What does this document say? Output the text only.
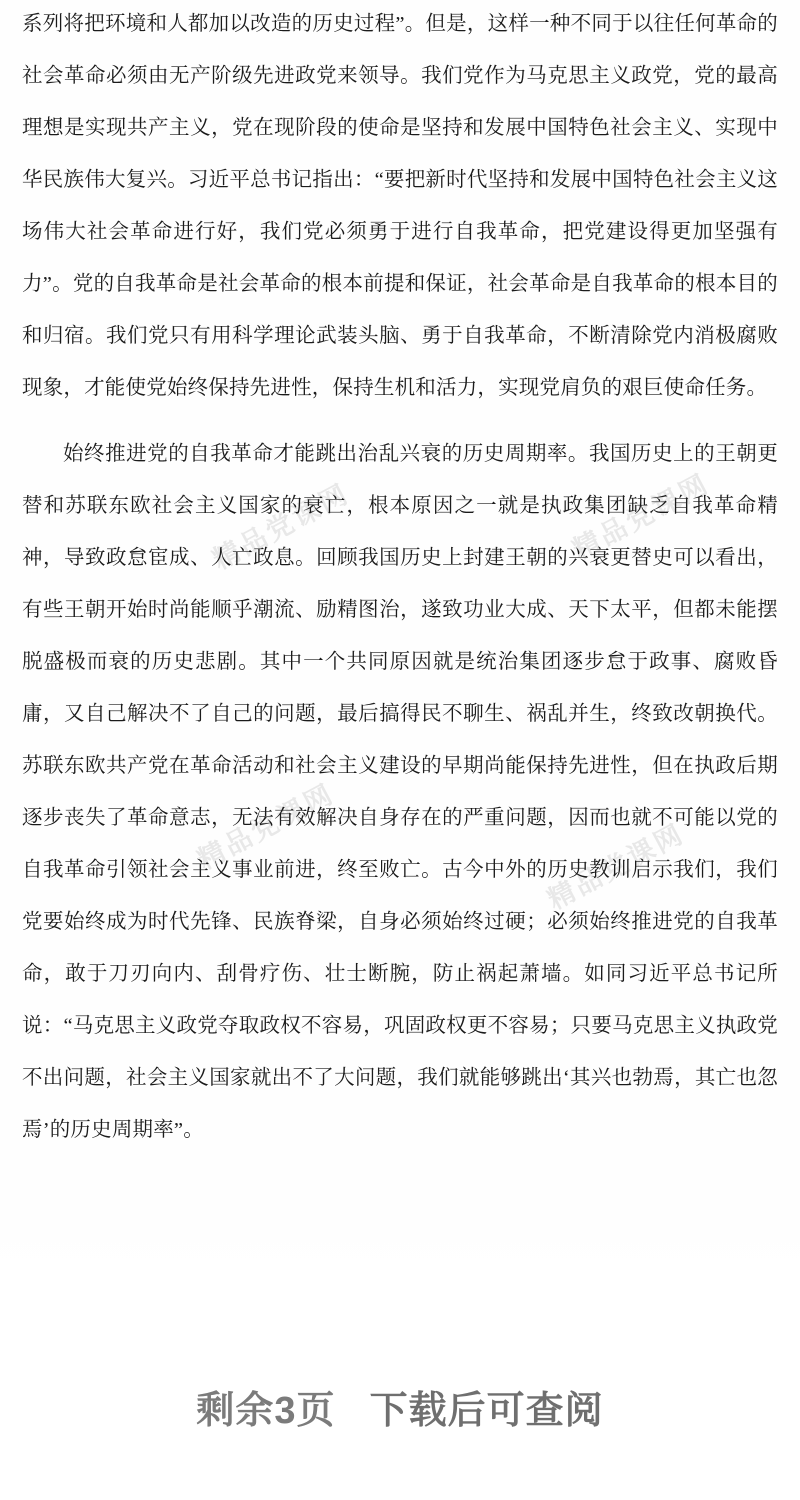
精品党课网	精品党课网
精品党课网	精品党课网

系列将把环境和人都加以改造的历史过程”。但是，这样一种不同于以往任何革命的社会革命必须由无产阶级先进政党来领导。我们党作为马克思主义政党，党的最高理想是实现共产主义，党在现阶段的使命是坚持和发展中国特色社会主义、实现中华民族伟大复兴。习近平总书记指出：“要把新时代坚持和发展中国特色社会主义这场伟大社会革命进行好，我们党必须勇于进行自我革命，把党建设得更加坚强有力”。党的自我革命是社会革命的根本前提和保证，社会革命是自我革命的根本目的和归宿。我们党只有用科学理论武装头脑、勇于自我革命，不断清除党内消极腐败现象，才能使党始终保持先进性，保持生机和活力，实现党肩负的艰巨使命任务。

始终推进党的自我革命才能跳出治乱兴衰的历史周期率。我国历史上的王朝更替和苏联东欧社会主义国家的衰亡，根本原因之一就是执政集团缺乏自我革命精神，导致政怠宦成、人亡政息。回顾我国历史上封建王朝的兴衰更替史可以看出，有些王朝开始时尚能顺乎潮流、励精图治，遂致功业大成、天下太平，但都未能摆脱盛极而衰的历史悲剧。其中一个共同原因就是统治集团逐步怠于政事、腐败昏庸，又自己解决不了自己的问题，最后搞得民不聊生、祸乱并生，终致改朝换代。苏联东欧共产党在革命活动和社会主义建设的早期尚能保持先进性，但在执政后期逐步丧失了革命意志，无法有效解决自身存在的严重问题，因而也就不可能以党的自我革命引领社会主义事业前进，终至败亡。古今中外的历史教训启示我们，我们党要始终成为时代先锋、民族脊梁，自身必须始终过硬；必须始终推进党的自我革命，敢于刀刃向内、刮骨疗伤、壮士断腕，防止祸起萧墙。如同习近平总书记所说：“马克思主义政党夺取政权不容易，巩固政权更不容易；只要马克思主义执政党不出问题，社会主义国家就出不了大问题，我们就能够跳出‘其兴也勃焉，其亡也忽焉’的历史周期率”。

剩余3页 下载后可查阅
